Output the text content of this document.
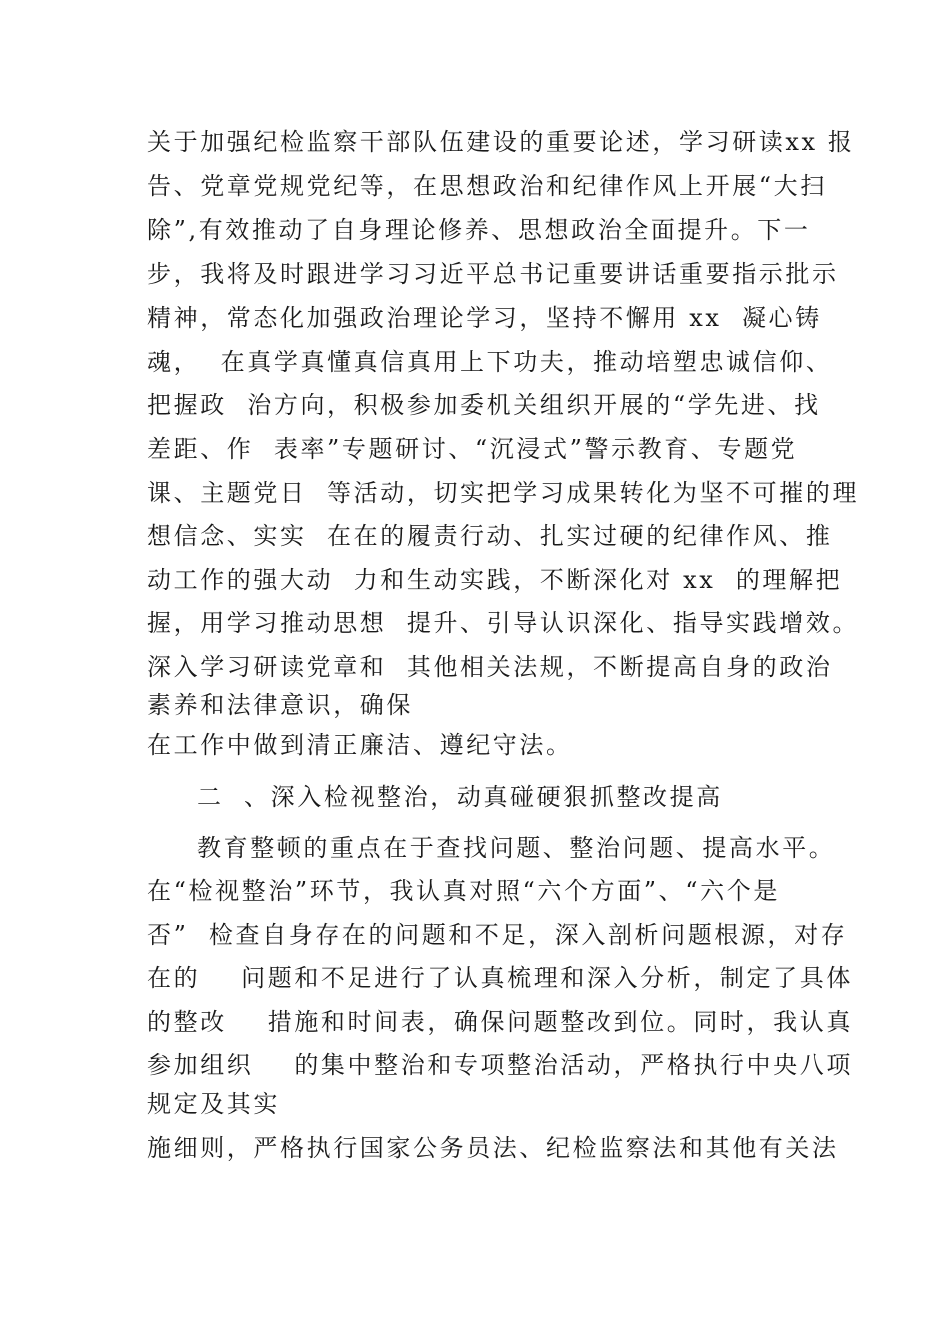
关于加强纪检监察干部队伍建设的重要论述，学习研读xx 报
告、党章党规党纪等，在思想政治和纪律作风上开展“大扫
除”,有效推动了自身理论修养、思想政治全面提升。下一
步，我将及时跟进学习习近平总书记重要讲话重要指示批示
精神，常态化加强政治理论学习，坚持不懈用 xx  凝心铸
魂，  在真学真懂真信真用上下功夫，推动培塑忠诚信仰、
把握政  治方向，积极参加委机关组织开展的“学先进、找
差距、作  表率”专题研讨、“沉浸式”警示教育、专题党
课、主题党日  等活动，切实把学习成果转化为坚不可摧的理
想信念、实实  在在的履责行动、扎实过硬的纪律作风、推
动工作的强大动  力和生动实践，不断深化对 xx  的理解把
握，用学习推动思想  提升、引导认识深化、指导实践增效。
深入学习研读党章和  其他相关法规，不断提高自身的政治
素养和法律意识，确保
在工作中做到清正廉洁、遵纪守法。
二  、深入检视整治，动真碰硬狠抓整改提高
教育整顿的重点在于查找问题、整治问题、提高水平。
在“检视整治”环节，我认真对照“六个方面”、“六个是
否”  检查自身存在的问题和不足，深入剖析问题根源，对存
在的    问题和不足进行了认真梳理和深入分析，制定了具体
的整改    措施和时间表，确保问题整改到位。同时，我认真
参加组织    的集中整治和专项整治活动，严格执行中央八项
规定及其实
施细则，严格执行国家公务员法、纪检监察法和其他有关法
